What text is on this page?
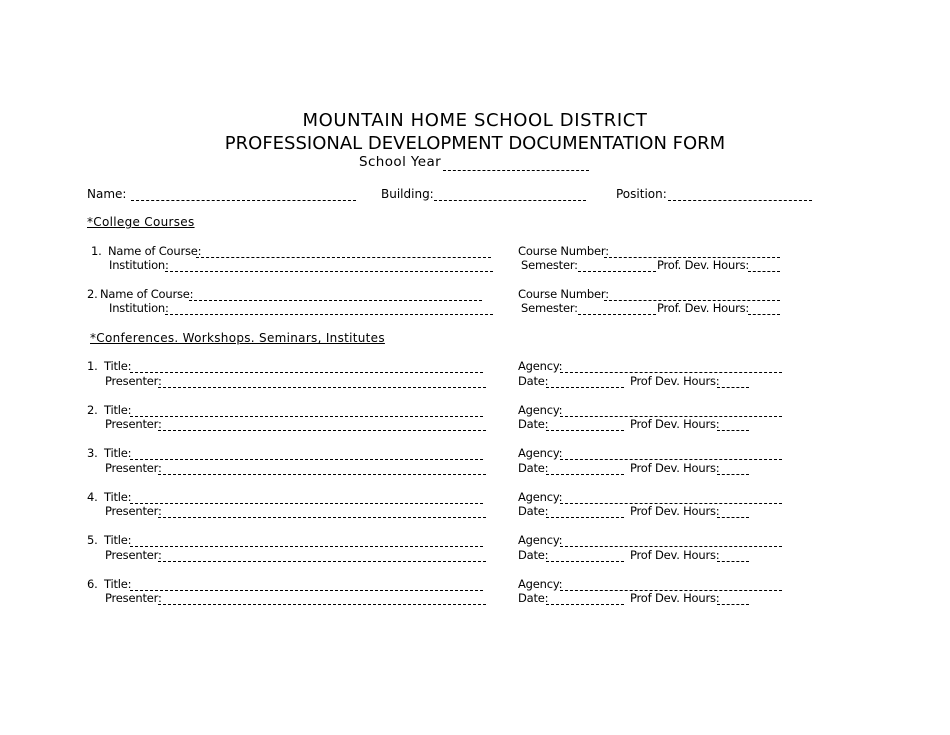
MOUNTAIN HOME SCHOOL DISTRICT
PROFESSIONAL DEVELOPMENT DOCUMENTATION FORM
School Year
Name:	Building:	Position:
*College Courses
1. Name of Course:
Institution:
Course Number:
Semester:	Prof. Dev. Hours:
2. Name of Course:
Institution:
Course Number:
Semester:	Prof. Dev. Hours:
*Conferences. Workshops. Seminars, Institutes
1. Title:
Presenter:
Agency:
Date:	Prof Dev. Hours:
2. Title:
Presenter:
Agency:
Date:	Prof Dev. Hours:
3. Title:
Presenter:
Agency:
Date:	Prof Dev. Hours:
4. Title:
Presenter:
Agency:
Date:	Prof Dev. Hours:
5. Title:
Presenter:
Agency:
Date:	Prof Dev. Hours:
6. Title:
Presenter:
Agency:
Date:	Prof Dev. Hours:
